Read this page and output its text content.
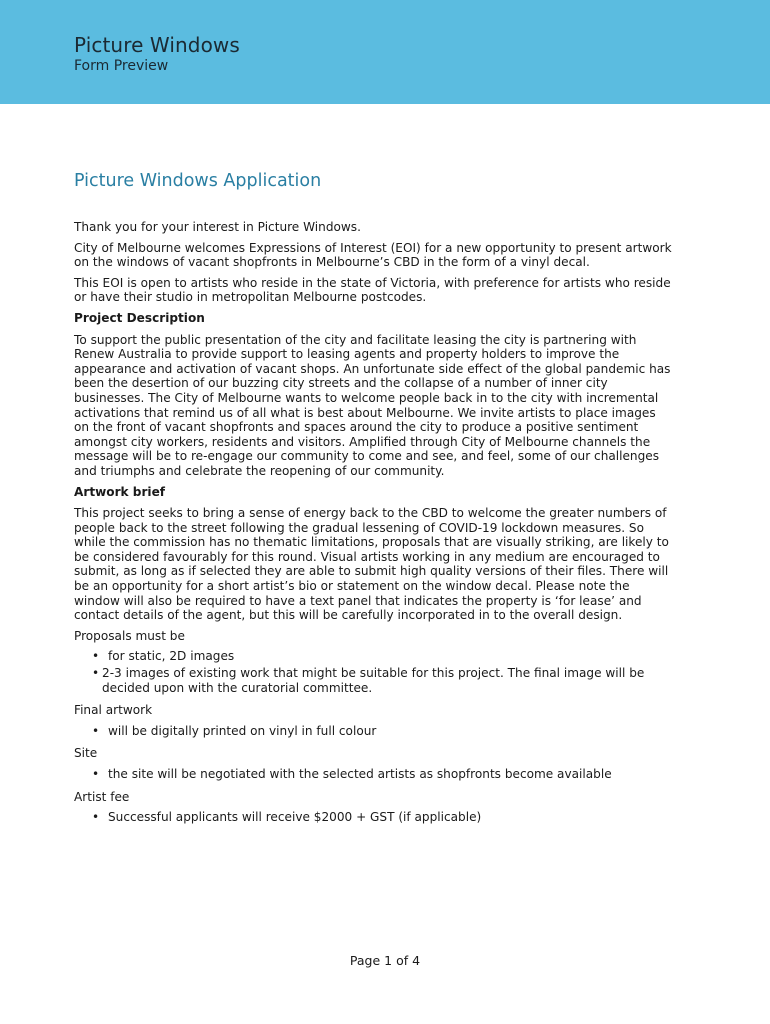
Picture Windows
Form Preview
Picture Windows Application

Thank you for your interest in Picture Windows.

City of Melbourne welcomes Expressions of Interest (EOI) for a new opportunity to present artwork on the windows of vacant shopfronts in Melbourne’s CBD in the form of a vinyl decal.

This EOI is open to artists who reside in the state of Victoria, with preference for artists who reside or have their studio in metropolitan Melbourne postcodes.

Project Description

To support the public presentation of the city and facilitate leasing the city is partnering with Renew Australia to provide support to leasing agents and property holders to improve the appearance and activation of vacant shops. An unfortunate side effect of the global pandemic has been the desertion of our buzzing city streets and the collapse of a number of inner city businesses. The City of Melbourne wants to welcome people back in to the city with incremental activations that remind us of all what is best about Melbourne. We invite artists to place images on the front of vacant shopfronts and spaces around the city to produce a positive sentiment amongst city workers, residents and visitors. Amplified through City of Melbourne channels the message will be to re-engage our community to come and see, and feel, some of our challenges and triumphs and celebrate the reopening of our community.

Artwork brief

This project seeks to bring a sense of energy back to the CBD to welcome the greater numbers of people back to the street following the gradual lessening of COVID-19 lockdown measures. So while the commission has no thematic limitations, proposals that are visually striking, are likely to be considered favourably for this round. Visual artists working in any medium are encouraged to submit, as long as if selected they are able to submit high quality versions of their files. There will be an opportunity for a short artist’s bio or statement on the window decal. Please note the window will also be required to have a text panel that indicates the property is ‘for lease’ and contact details of the agent, but this will be carefully incorporated in to the overall design.

Proposals must be
• for static, 2D images
• 2-3 images of existing work that might be suitable for this project. The final image will be decided upon with the curatorial committee.
Final artwork
• will be digitally printed on vinyl in full colour
Site
• the site will be negotiated with the selected artists as shopfronts become available
Artist fee
• Successful applicants will receive $2000 + GST (if applicable)
Page 1 of 4
